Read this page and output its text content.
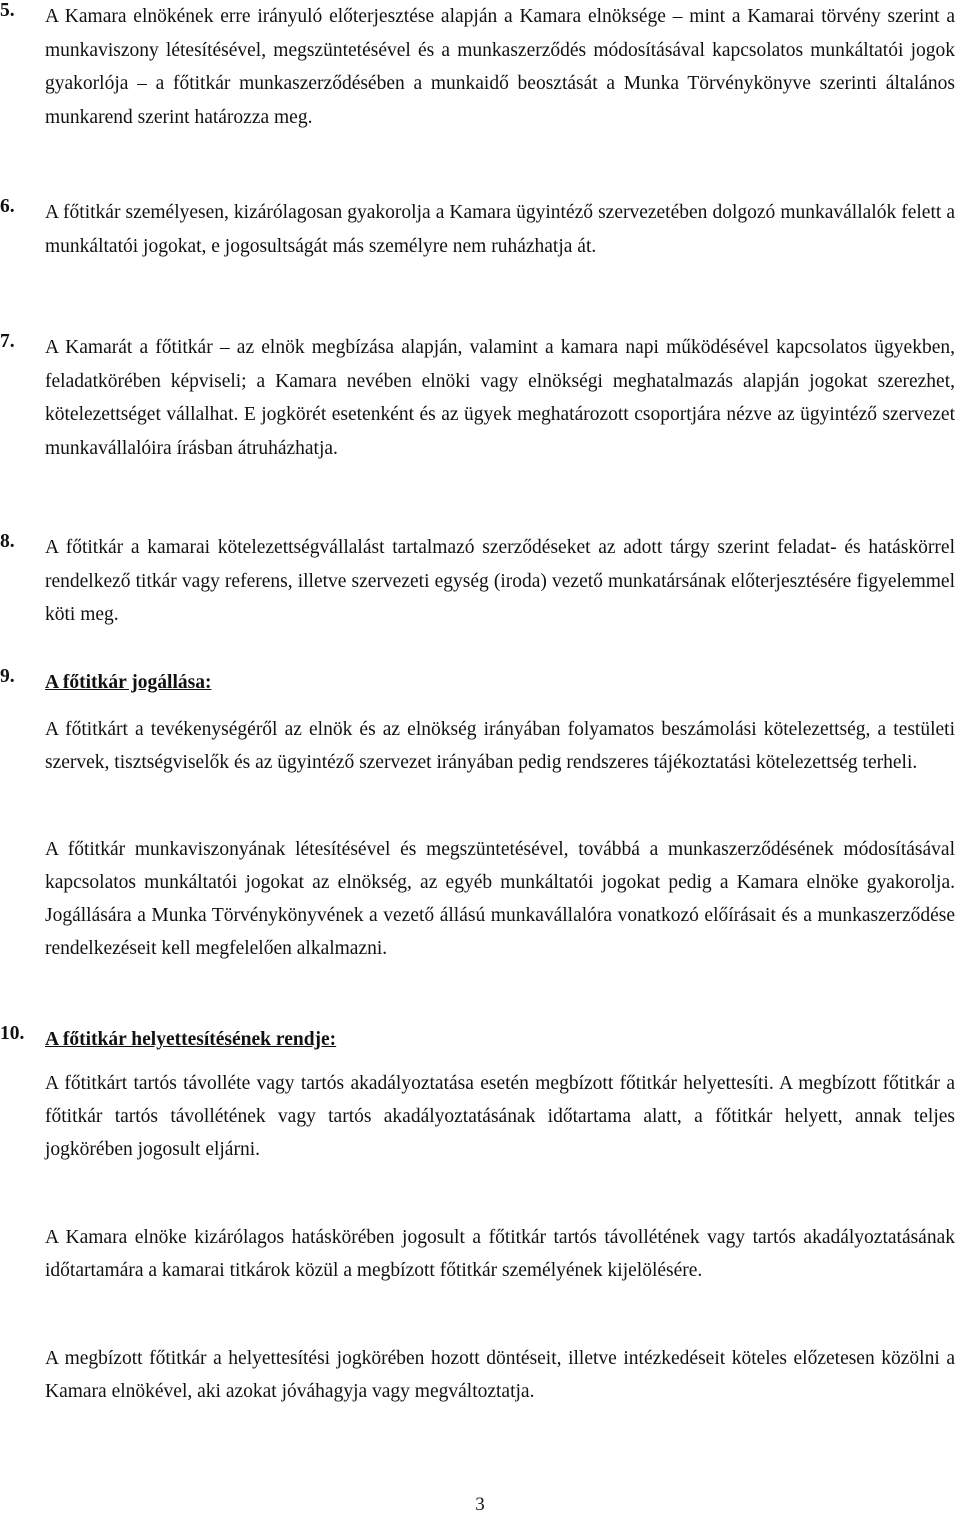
5. A Kamara elnökének erre irányuló előterjesztése alapján a Kamara elnöksége – mint a Kamarai törvény szerint a munkaviszony létesítésével, megszüntetésével és a munkaszerződés módosításával kapcsolatos munkáltatói jogok gyakorlója – a főtitkár munkaszerződésében a munkaidő beosztását a Munka Törvénykönyve szerinti általános munkarend szerint határozza meg.

6. A főtitkár személyesen, kizárólagosan gyakorolja a Kamara ügyintéző szervezetében dolgozó munkavállalók felett a munkáltatói jogokat, e jogosultságát más személyre nem ruházhatja át.

7. A Kamarát a főtitkár – az elnök megbízása alapján, valamint a kamara napi működésével kapcsolatos ügyekben, feladatkörében képviseli; a Kamara nevében elnöki vagy elnökségi meghatalmazás alapján jogokat szerezhet, kötelezettséget vállalhat. E jogkörét esetenként és az ügyek meghatározott csoportjára nézve az ügyintéző szervezet munkavállalóira írásban átruházhatja.

8. A főtitkár a kamarai kötelezettségvállalást tartalmazó szerződéseket az adott tárgy szerint feladat- és hatáskörrel rendelkező titkár vagy referens, illetve szervezeti egység (iroda) vezető munkatársának előterjesztésére figyelemmel köti meg.

9. A főtitkár jogállása:

A főtitkárt a tevékenységéről az elnök és az elnökség irányában folyamatos beszámolási kötelezettség, a testületi szervek, tisztségviselők és az ügyintéző szervezet irányában pedig rendszeres tájékoztatási kötelezettség terheli.

A főtitkár munkaviszonyának létesítésével és megszüntetésével, továbbá a munkaszerződésének módosításával kapcsolatos munkáltatói jogokat az elnökség, az egyéb munkáltatói jogokat pedig a Kamara elnöke gyakorolja. Jogállására a Munka Törvénykönyvének a vezető állású munkavállalóra vonatkozó előírásait és a munkaszerződése rendelkezéseit kell megfelelően alkalmazni.

10. A főtitkár helyettesítésének rendje:

A főtitkárt tartós távolléte vagy tartós akadályoztatása esetén megbízott főtitkár helyettesíti. A megbízott főtitkár a főtitkár tartós távollétének vagy tartós akadályoztatásának időtartama alatt, a főtitkár helyett, annak teljes jogkörében jogosult eljárni.

A Kamara elnöke kizárólagos hatáskörében jogosult a főtitkár tartós távollétének vagy tartós akadályoztatásának időtartamára a kamarai titkárok közül a megbízott főtitkár személyének kijelölésére.

A megbízott főtitkár a helyettesítési jogkörében hozott döntéseit, illetve intézkedéseit köteles előzetesen közölni a Kamara elnökével, aki azokat jóváhagyja vagy megváltoztatja.

3
